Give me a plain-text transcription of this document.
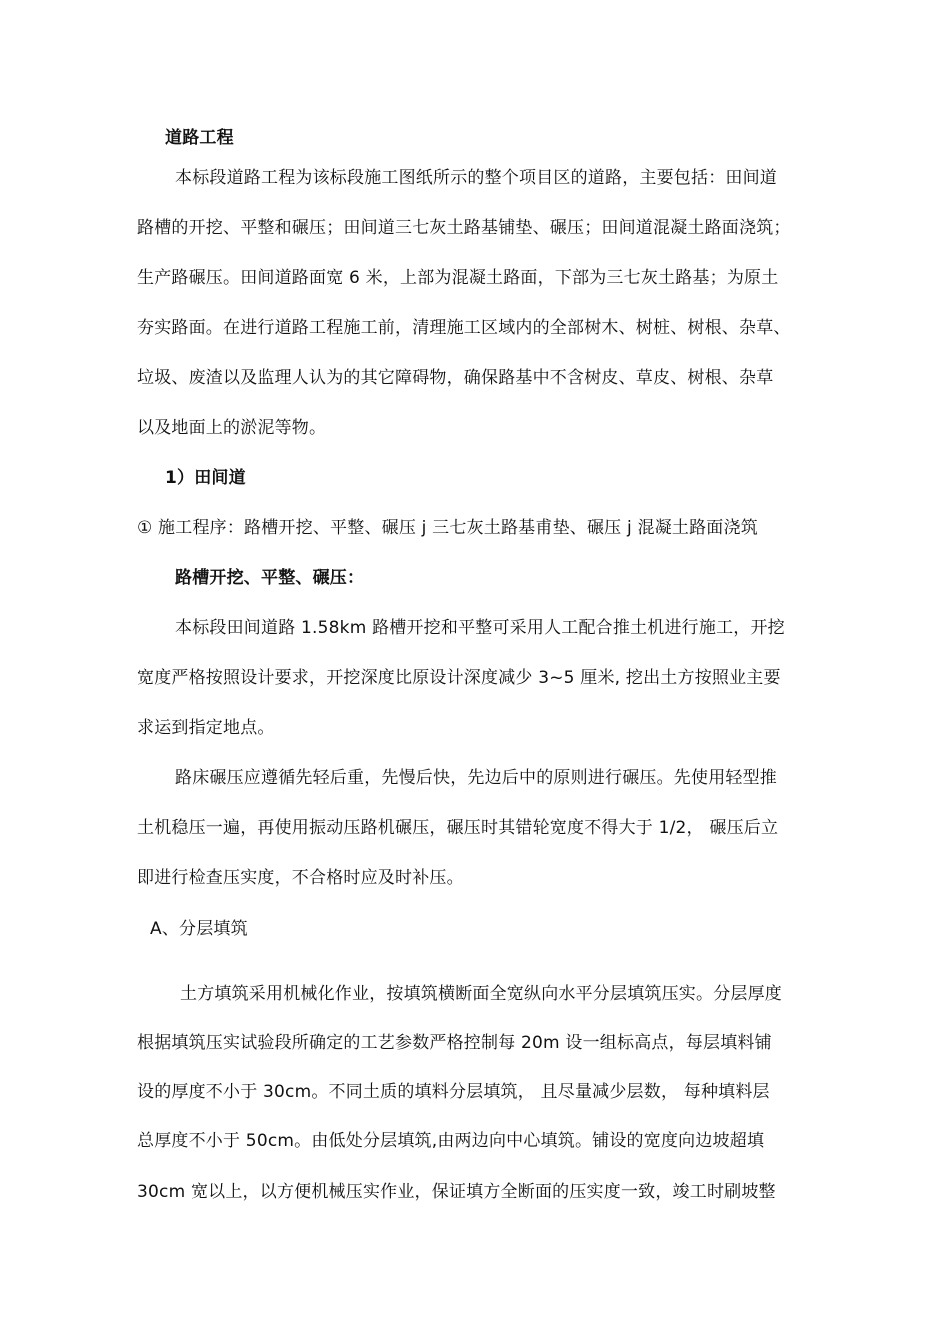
道路工程
本标段道路工程为该标段施工图纸所示的整个项目区的道路，主要包括：田间道
路槽的开挖、平整和碾压；田间道三七灰土路基铺垫、碾压；田间道混凝土路面浇筑；
生产路碾压。田间道路面宽 6 米，上部为混凝土路面，下部为三七灰土路基；为原土
夯实路面。在进行道路工程施工前，清理施工区域内的全部树木、树桩、树根、杂草、
垃圾、废渣以及监理人认为的其它障碍物，确保路基中不含树皮、草皮、树根、杂草
以及地面上的淤泥等物。
1）田间道
① 施工程序：路槽开挖、平整、碾压 j 三七灰土路基甫垫、碾压 j 混凝土路面浇筑
路槽开挖、平整、碾压：
本标段田间道路 1.58km 路槽开挖和平整可采用人工配合推土机进行施工，开挖
宽度严格按照设计要求，开挖深度比原设计深度减少 3~5 厘米, 挖出土方按照业主要
求运到指定地点。
路床碾压应遵循先轻后重，先慢后快，先边后中的原则进行碾压。先使用轻型推
土机稳压一遍，再使用振动压路机碾压，碾压时其错轮宽度不得大于 1/2， 碾压后立
即进行检查压实度，不合格时应及时补压。
A、分层填筑
土方填筑采用机械化作业，按填筑横断面全宽纵向水平分层填筑压实。分层厚度
根据填筑压实试验段所确定的工艺参数严格控制每 20m 设一组标高点，每层填料铺
设的厚度不小于 30cm。不同土质的填料分层填筑， 且尽量减少层数， 每种填料层
总厚度不小于 50cm。由低处分层填筑,由两边向中心填筑。铺设的宽度向边坡超填
30cm 宽以上，以方便机械压实作业，保证填方全断面的压实度一致，竣工时刷坡整
